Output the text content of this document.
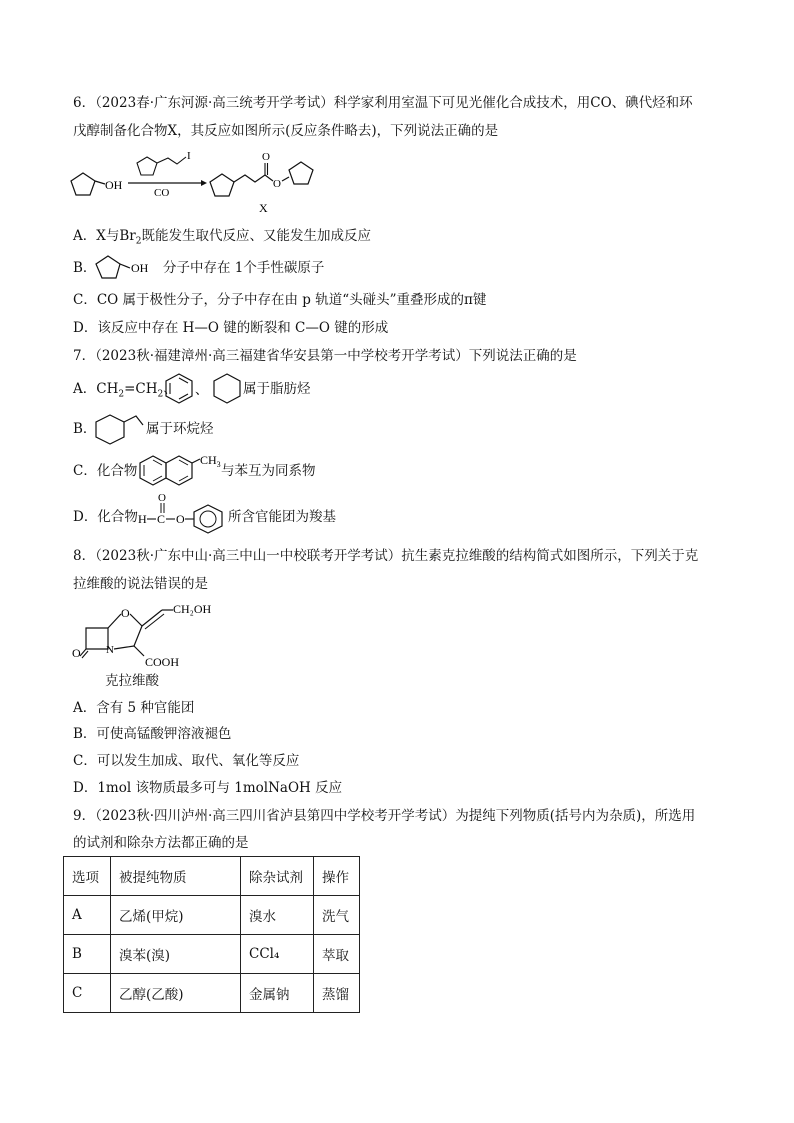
6．（2023春·广东河源·高三统考开学考试）科学家利用室温下可见光催化合成技术，用CO、碘代烃和环
戊醇制备化合物X，其反应如图所示(反应条件略去)，下列说法正确的是
OH
I
CO
O
O
X
A．X与$Br_2$既能发生取代反应、又能发生加成反应
B．	OH 分子中存在 1个手性碳原子
C．CO 属于极性分子，分子中存在由 p 轨道“头碰头”重叠形成的π键
D．该反应中存在 H—O 键的断裂和 C—O 键的形成
7．（2023秋·福建漳州·高三福建省华安县第一中学校考开学考试）下列说法正确的是
A．$CH_2=CH_2$、 、	属于脂肪烃
B．	属于环烷烃
C．化合物
$CH_3$ 与苯互为同系物
D．化合物 H C
O
O	所含官能团为羧基
8．（2023秋·广东中山·高三中山一中校联考开学考试）抗生素克拉维酸的结构简式如图所示，下列关于克
拉维酸的说法错误的是
O
O
N
CH₂OH
COOH
克拉维酸
A．含有 5 种官能团
B．可使高锰酸钾溶液褪色
C．可以发生加成、取代、氧化等反应
D．1mol 该物质最多可与 1molNaOH 反应
9．（2023秋·四川泸州·高三四川省泸县第四中学校考开学考试）为提纯下列物质(括号内为杂质)，所选用
的试剂和除杂方法都正确的是
选项	被提纯物质	除杂试剂	操作
A	乙烯(甲烷)	溴水	洗气
B	溴苯(溴)	CCl₄	萃取
C	乙醇(乙酸)	金属钠	蒸馏
